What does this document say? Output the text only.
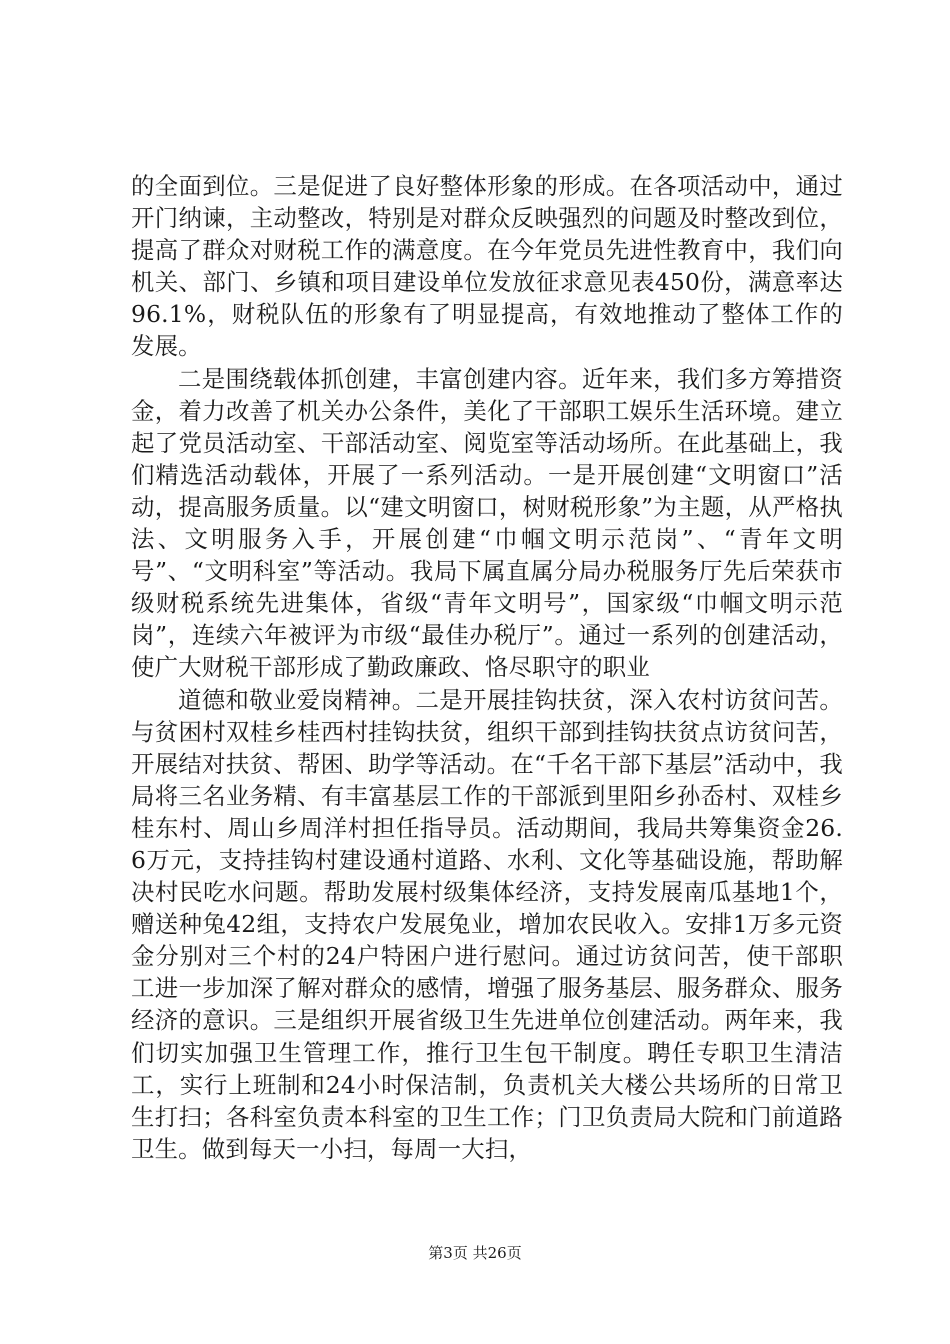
的全面到位。三是促进了良好整体形象的形成。在各项活动中，通过开门纳谏，主动整改，特别是对群众反映强烈的问题及时整改到位，提高了群众对财税工作的满意度。在今年党员先进性教育中，我们向机关、部门、乡镇和项目建设单位发放征求意见表450份，满意率达96.1%，财税队伍的形象有了明显提高，有效地推动了整体工作的发展。

二是围绕载体抓创建，丰富创建内容。近年来，我们多方筹措资金，着力改善了机关办公条件，美化了干部职工娱乐生活环境。建立起了党员活动室、干部活动室、阅览室等活动场所。在此基础上，我们精选活动载体，开展了一系列活动。一是开展创建“文明窗口”活动，提高服务质量。以“建文明窗口，树财税形象”为主题，从严格执法、文明服务入手，开展创建“巾帼文明示范岗”、“青年文明号”、“文明科室”等活动。我局下属直属分局办税服务厅先后荣获市级财税系统先进集体，省级“青年文明号”，国家级“巾帼文明示范岗”，连续六年被评为市级“最佳办税厅”。通过一系列的创建活动，使广大财税干部形成了勤政廉政、恪尽职守的职业

道德和敬业爱岗精神。二是开展挂钩扶贫，深入农村访贫问苦。与贫困村双桂乡桂西村挂钩扶贫，组织干部到挂钩扶贫点访贫问苦，开展结对扶贫、帮困、助学等活动。在“千名干部下基层”活动中，我局将三名业务精、有丰富基层工作的干部派到里阳乡孙岙村、双桂乡桂东村、周山乡周洋村担任指导员。活动期间，我局共筹集资金26.6万元，支持挂钩村建设通村道路、水利、文化等基础设施，帮助解决村民吃水问题。帮助发展村级集体经济，支持发展南瓜基地1个，赠送种兔42组，支持农户发展兔业，增加农民收入。安排1万多元资金分别对三个村的24户特困户进行慰问。通过访贫问苦，使干部职工进一步加深了解对群众的感情，增强了服务基层、服务群众、服务经济的意识。三是组织开展省级卫生先进单位创建活动。两年来，我们切实加强卫生管理工作，推行卫生包干制度。聘任专职卫生清洁工，实行上班制和24小时保洁制，负责机关大楼公共场所的日常卫生打扫；各科室负责本科室的卫生工作；门卫负责局大院和门前道路卫生。做到每天一小扫，每周一大扫，

第3页 共26页
